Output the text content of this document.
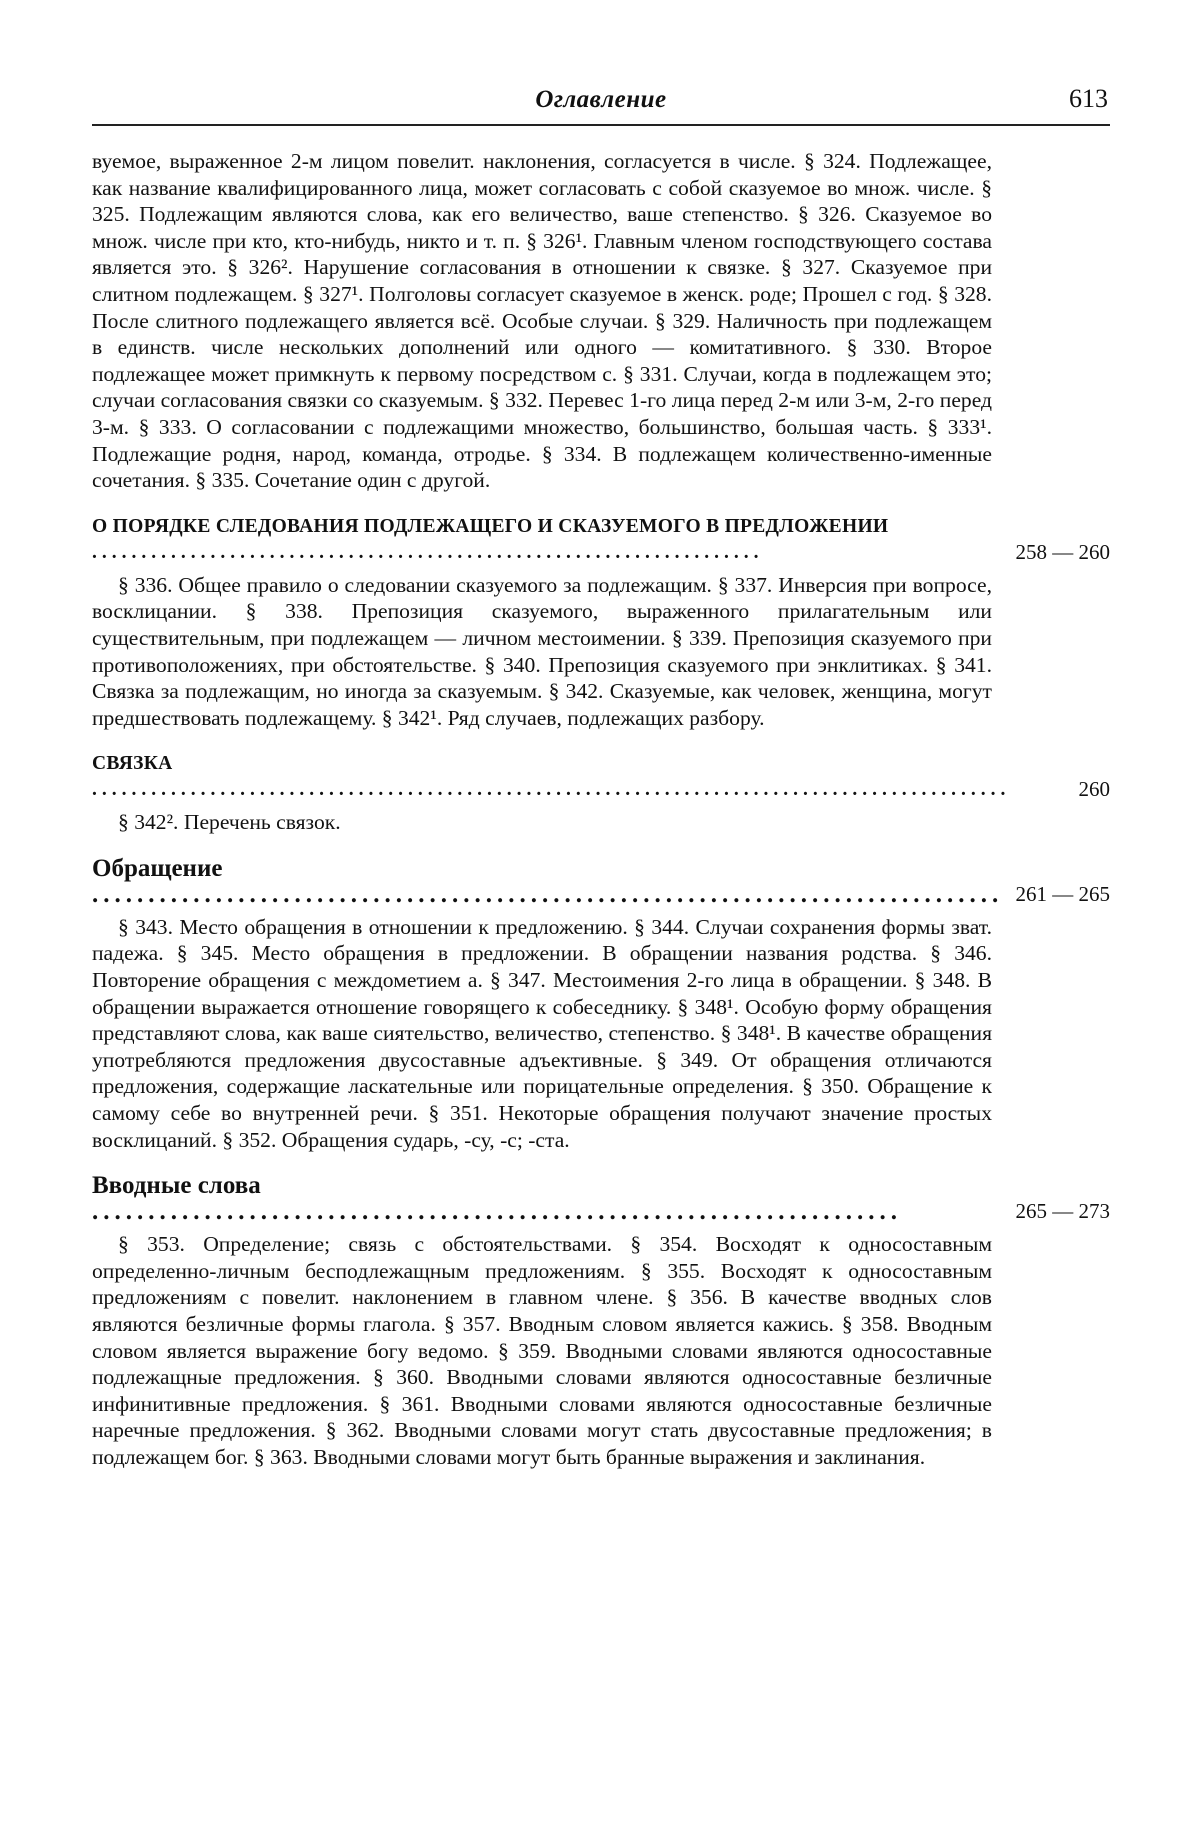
Оглавление	613

вуемое, выраженное 2-м лицом повелит. наклонения, согласуется в числе. § 324. Подлежащее, как название квалифицированного лица, может согласовать с собой сказуемое во множ. числе. § 325. Подлежащим являются слова, как его величество, ваше степенство. § 326. Сказуемое во множ. числе при кто, кто-нибудь, никто и т. п. § 326¹. Главным членом господствующего состава является это. § 326². Нарушение согласования в отношении к связке. § 327. Сказуемое при слитном подлежащем. § 327¹. Полголовы согласует сказуемое в женск. роде; Прошел с год. § 328. После слитного подлежащего является всё. Особые случаи. § 329. Наличность при подлежащем в единств. числе нескольких дополнений или одного — комитативного. § 330. Второе подлежащее может примкнуть к первому посредством с. § 331. Случаи, когда в подлежащем это; случаи согласования связки со сказуемым. § 332. Перевес 1-го лица перед 2-м или 3-м, 2-го перед 3-м. § 333. О согласовании с подлежащими множество, большинство, большая часть. § 333¹. Подлежащие родня, народ, команда, отродье. § 334. В подлежащем количественно-именные сочетания. § 335. Сочетание один с другой.

О ПОРЯДКЕ СЛЕДОВАНИЯ ПОДЛЕЖАЩЕГО И СКАЗУЕМОГО В ПРЕДЛОЖЕНИИ ....................................................................	258 — 260

§ 336. Общее правило о следовании сказуемого за подлежащим. § 337. Инверсия при вопросе, восклицании. § 338. Препозиция сказуемого, выраженного прилагательным или существительным, при подлежащем — личном местоимении. § 339. Препозиция сказуемого при противоположениях, при обстоятельстве. § 340. Препозиция сказуемого при энклитиках. § 341. Связка за подлежащим, но иногда за сказуемым. § 342. Сказуемые, как человек, женщина, могут предшествовать подлежащему. § 342¹. Ряд случаев, подлежащих разбору.

СВЯЗКА .............................................................................................	260

§ 342². Перечень связок.

Обращение ................................................................................. 261 — 265

§ 343. Место обращения в отношении к предложению. § 344. Случаи сохранения формы зват. падежа. § 345. Место обращения в предложении. В обращении названия родства. § 346. Повторение обращения с междометием а. § 347. Местоимения 2-го лица в обращении. § 348. В обращении выражается отношение говорящего к собеседнику. § 348¹. Особую форму обращения представляют слова, как ваше сиятельство, величество, степенство. § 348¹. В качестве обращения употребляются предложения двусоставные адъективные. § 349. От обращения отличаются предложения, содержащие ласкательные или порицательные определения. § 350. Обращение к самому себе во внутренней речи. § 351. Некоторые обращения получают значение простых восклицаний. § 352. Обращения сударь, -су, -с; -ста.

Вводные слова ........................................................................	265 — 273

§ 353. Определение; связь с обстоятельствами. § 354. Восходят к односоставным определенно-личным бесподлежащным предложениям. § 355. Восходят к односоставным предложениям с повелит. наклонением в главном члене. § 356. В качестве вводных слов являются безличные формы глагола. § 357. Вводным словом является кажись. § 358. Вводным словом является выражение богу ведомо. § 359. Вводными словами являются односоставные подлежащные предложения. § 360. Вводными словами являются односоставные безличные инфинитивные предложения. § 361. Вводными словами являются односоставные безличные наречные предложения. § 362. Вводными словами могут стать двусоставные предложения; в подлежащем бог. § 363. Вводными словами могут быть бранные выражения и заклинания.
